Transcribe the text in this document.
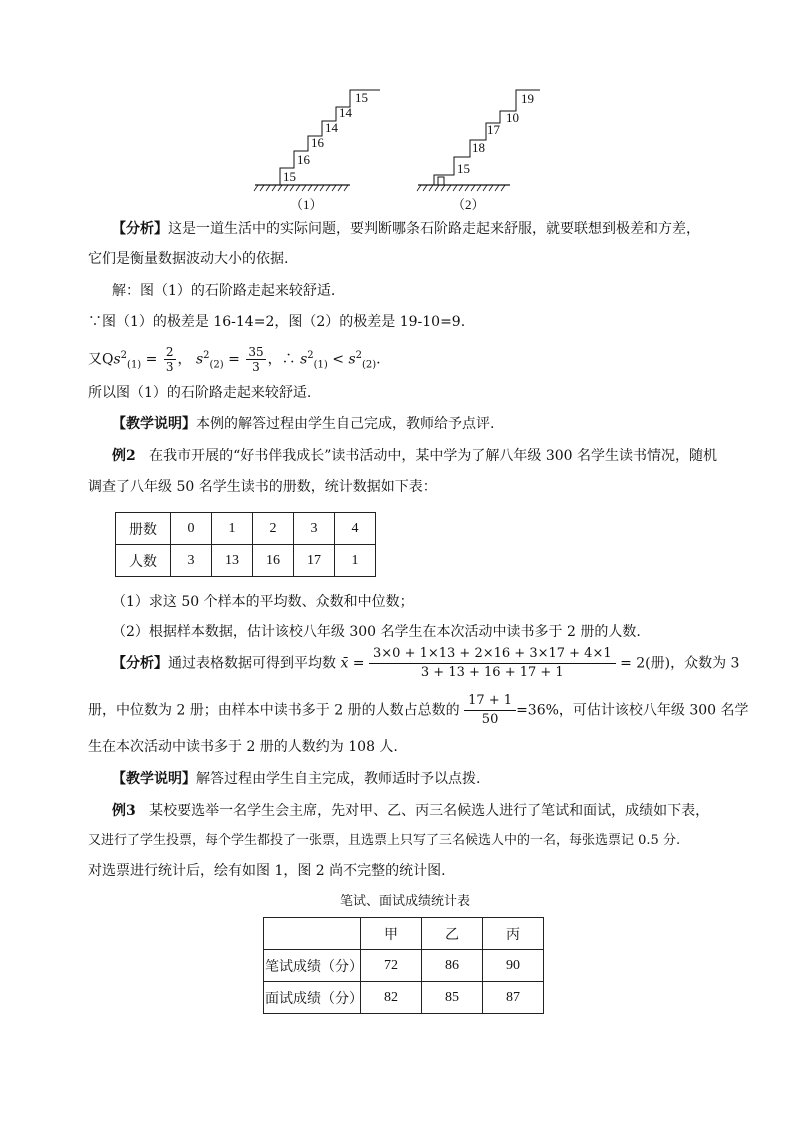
15
16
16
14
14
15
（1）
15
18
17
10
19
（2）
【分析】这是一道生活中的实际问题，要判断哪条石阶路走起来舒服，就要联想到极差和方差，
它们是衡量数据波动大小的依据.
解：图（1）的石阶路走起来较舒适.
∵图（1）的极差是 16-14=2，图（2）的极差是 19-10=9.
又$Qs^2_{(1)} = \frac{2}{3}$ ， $s^2_{(2)} = \frac{35}{3}$ ，∴ $s^2_{(1)} < s^2_{(2)}$.
所以图（1）的石阶路走起来较舒适.
【教学说明】本例的解答过程由学生自己完成，教师给予点评.
例2 在我市开展的“好书伴我成长”读书活动中，某中学为了解八年级 300 名学生读书情况，随机
调查了八年级 50 名学生读书的册数，统计数据如下表：
册数	0	1	2	3	4
人数	3	13	16	17	1
（1）求这 50 个样本的平均数、众数和中位数；
（2）根据样本数据，估计该校八年级 300 名学生在本次活动中读书多于 2 册的人数.
【分析】通过表格数据可得到平均数 x̄ = $\frac{3\times 0 + 1\times 13 + 2\times 16 + 3\times 17 + 4\times 1}{3 + 13 + 16 + 17 + 1} = 2$(册)，众数为 3
册，中位数为 2 册；由样本中读书多于 2 册的人数占总数的 $\frac{17 + 1}{50} =36\%$，可估计该校八年级 300 名学
生在本次活动中读书多于 2 册的人数约为 108 人.
【教学说明】解答过程由学生自主完成，教师适时予以点拨.
例3 某校要选举一名学生会主席，先对甲、乙、丙三名候选人进行了笔试和面试，成绩如下表，
又进行了学生投票，每个学生都投了一张票，且选票上只写了三名候选人中的一名，每张选票记 0.5 分.
对选票进行统计后，绘有如图 1，图 2 尚不完整的统计图.
笔试、面试成绩统计表
	甲	乙	丙
笔试成绩（分）	72	86	90
面试成绩（分）	82	85	87
